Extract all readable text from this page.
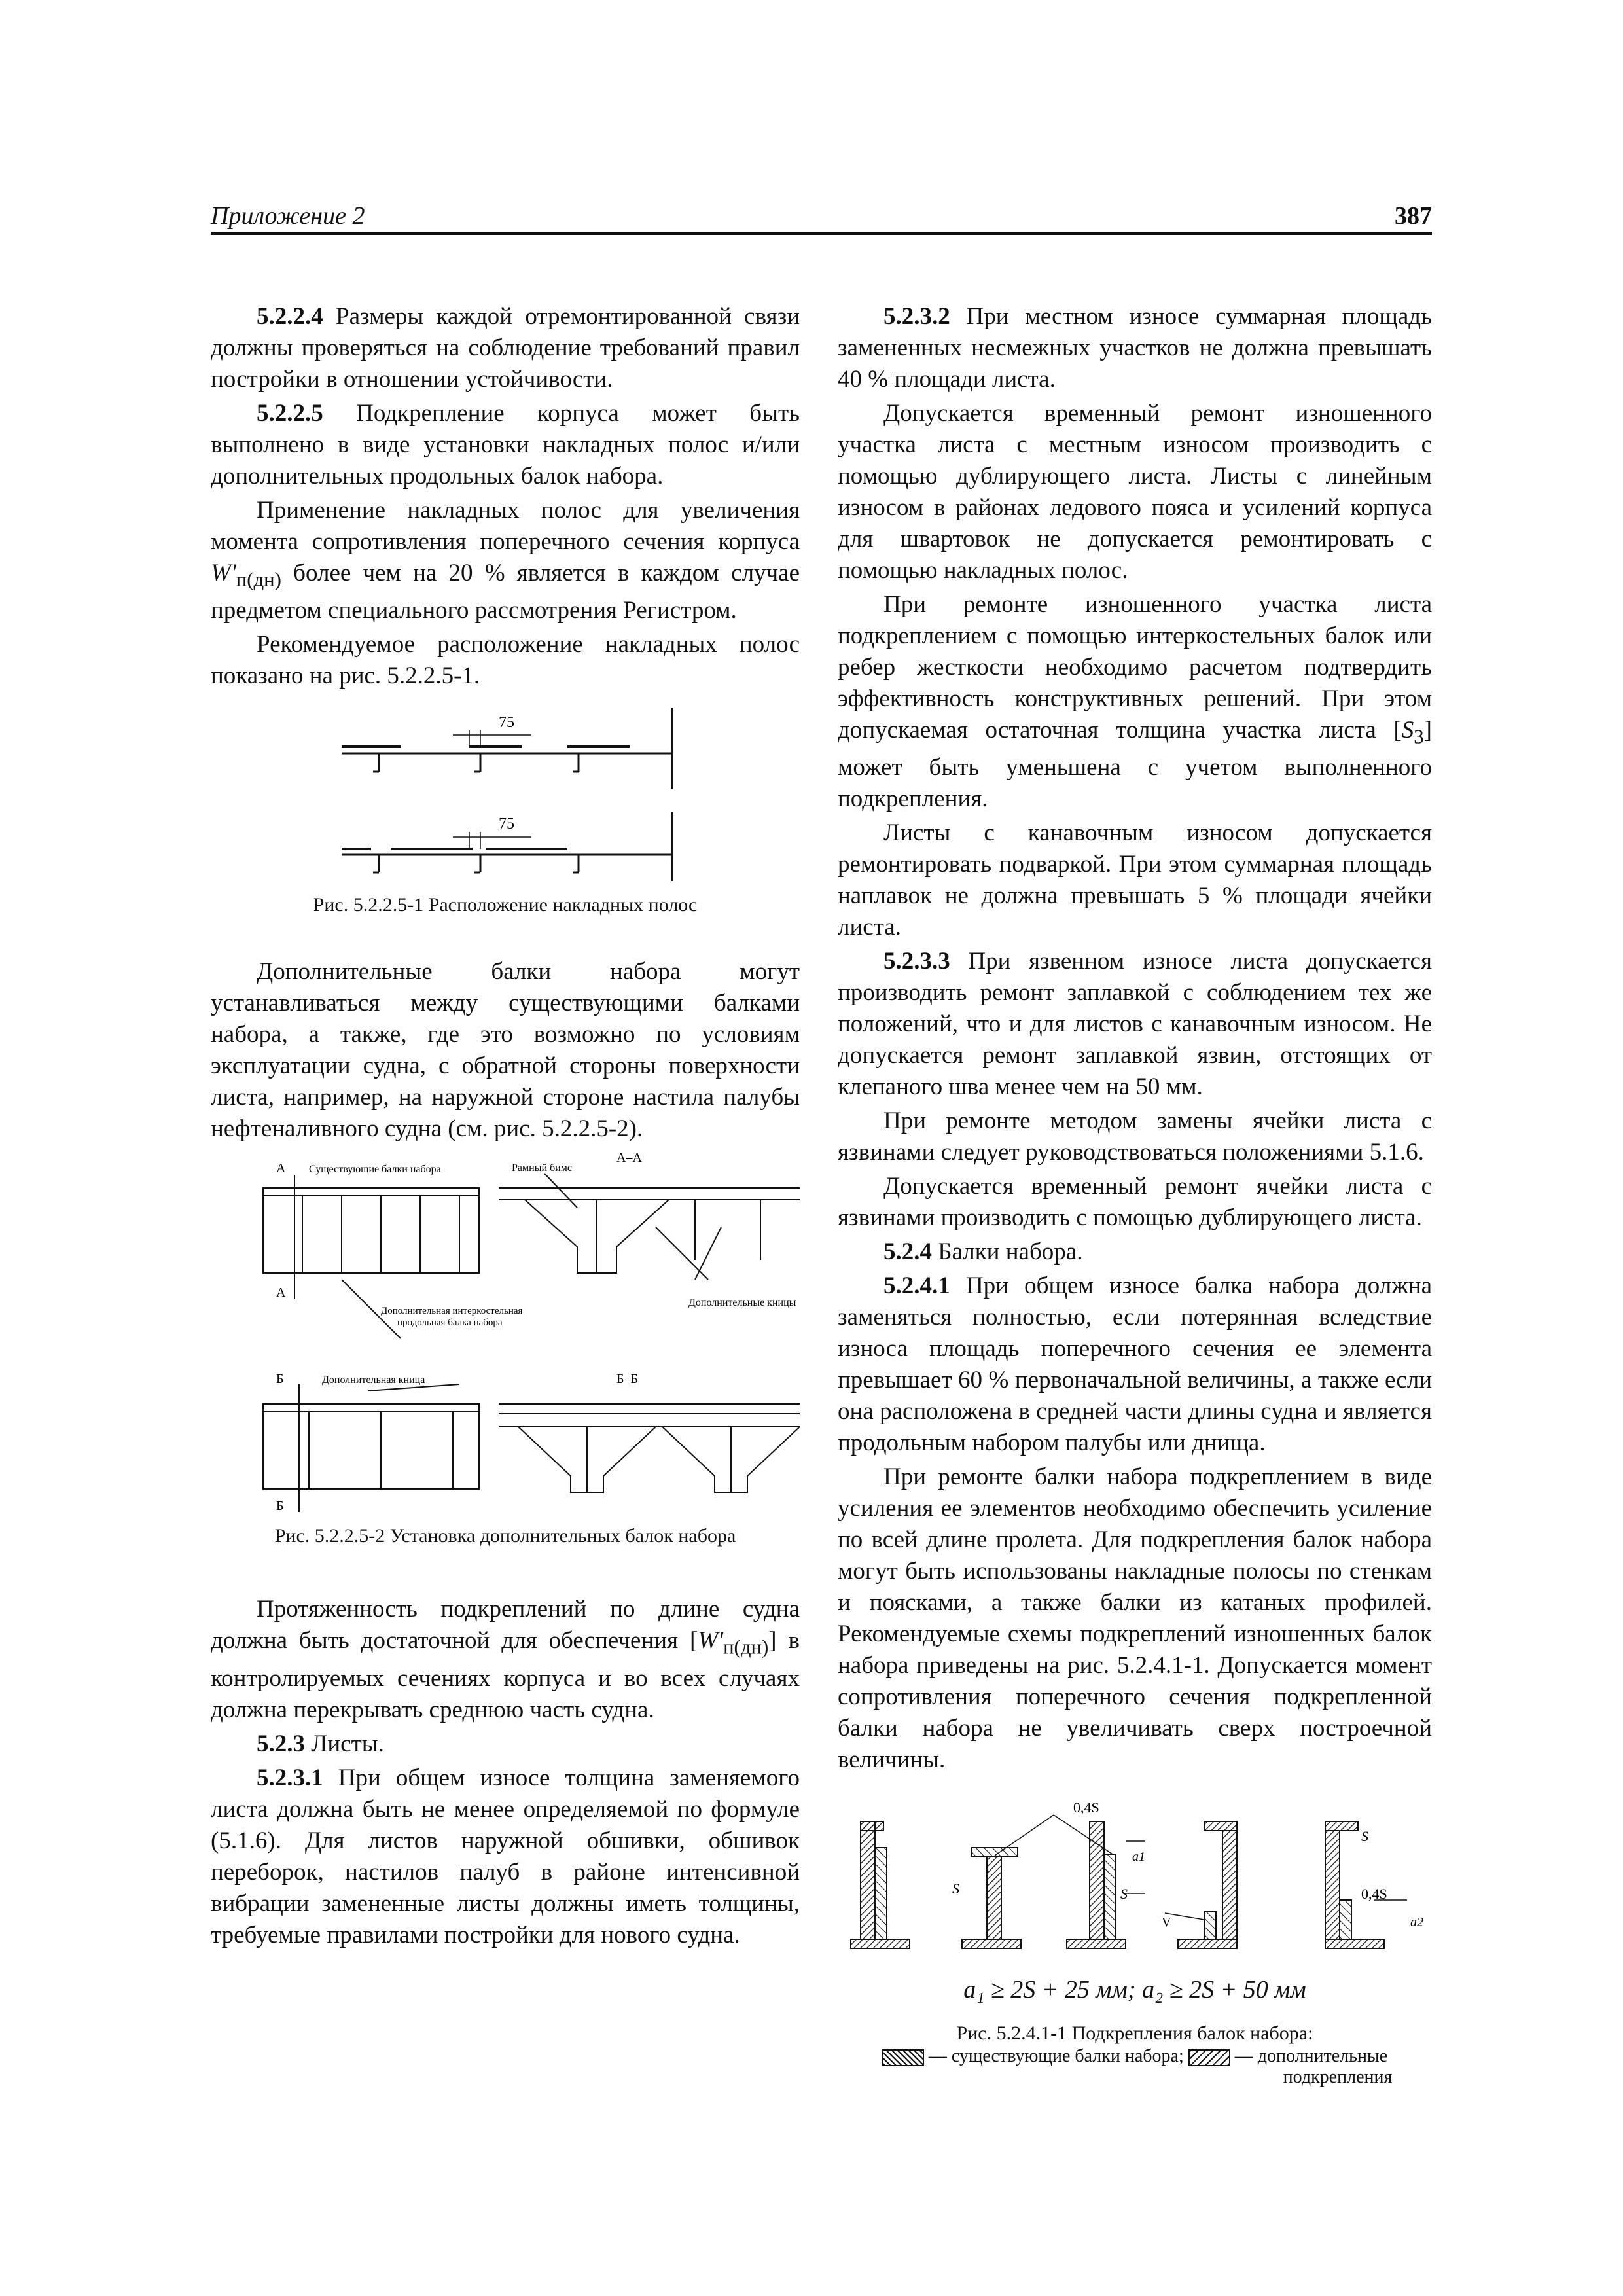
Приложение 2	387

5.2.2.4 Размеры каждой отремонтированной связи должны проверяться на соблюдение требований правил постройки в отношении устойчивости.

5.2.2.5 Подкрепление корпуса может быть выполнено в виде установки накладных полос и/или дополнительных продольных балок набора.

Применение накладных полос для увеличения момента сопротивления поперечного сечения корпуса $W'_{п(дн)}$ более чем на 20 % является в каждом случае предметом специального рассмотрения Регистром.

Рекомендуемое расположение накладных полос показано на рис. 5.2.2.5-1.

75
75

Рис. 5.2.2.5-1 Расположение накладных полос

Дополнительные балки набора могут устанавливаться между существующими балками набора, а также, где это возможно по условиям эксплуатации судна, с обратной стороны поверхности листа, например, на наружной стороне настила палубы нефтеналивного судна (см. рис. 5.2.2.5-2).

А Существующие балки набора	Рамный бимс
А–А
А
Дополнительная интеркостельная
продольная балка набора
Дополнительные кницы
Б	Дополнительная кница	Б–Б
Б

Рис. 5.2.2.5-2 Установка дополнительных балок набора

Протяженность подкреплений по длине судна должна быть достаточной для обеспечения $[W'_{п(дн)}]$ в контролируемых сечениях корпуса и во всех случаях должна перекрывать среднюю часть судна.

5.2.3 Листы.

5.2.3.1 При общем износе толщина заменяемого листа должна быть не менее определяемой по формуле (5.1.6). Для листов наружной обшивки, обшивок переборок, настилов палуб в районе интенсивной вибрации замененные листы должны иметь толщины, требуемые правилами постройки для нового судна.

5.2.3.2 При местном износе суммарная площадь замененных несмежных участков не должна превышать 40 % площади листа.

Допускается временный ремонт изношенного участка листа с местным износом производить с помощью дублирующего листа. Листы с линейным износом в районах ледового пояса и усилений корпуса для швартовок не допускается ремонтировать с помощью накладных полос.

При ремонте изношенного участка листа подкреплением с помощью интеркостельных балок или ребер жесткости необходимо расчетом подтвердить эффективность конструктивных решений. При этом допускаемая остаточная толщина участка листа $[S_3]$ может быть уменьшена с учетом выполненного подкрепления.

Листы с канавочным износом допускается ремонтировать подваркой. При этом суммарная площадь наплавок не должна превышать 5 % площади ячейки листа.

5.2.3.3 При язвенном износе листа допускается производить ремонт заплавкой с соблюдением тех же положений, что и для листов с канавочным износом. Не допускается ремонт заплавкой язвин, отстоящих от клепаного шва менее чем на 50 мм.

При ремонте методом замены ячейки листа с язвинами следует руководствоваться положениями 5.1.6.

Допускается временный ремонт ячейки листа с язвинами производить с помощью дублирующего листа.

5.2.4 Балки набора.

5.2.4.1 При общем износе балка набора должна заменяться полностью, если потерянная вследствие износа площадь поперечного сечения ее элемента превышает 60 % первоначальной величины, а также если она расположена в средней части длины судна и является продольным набором палубы или днища.

При ремонте балки набора подкреплением в виде усиления ее элементов необходимо обеспечить усиление по всей длине пролета. Для подкрепления балок набора могут быть использованы накладные полосы по стенкам и поясками, а также балки из катаных профилей. Рекомендуемые схемы подкреплений изношенных балок набора приведены на рис. 5.2.4.1-1. Допускается момент сопротивления поперечного сечения подкрепленной балки набора не увеличивать сверх построечной величины.

0,4S
0,4S
S	S
S
a1
a2
V

a₁ ≥ 2S + 25 мм; a₂ ≥ 2S + 50 мм

Рис. 5.2.4.1-1 Подкрепления балок набора:

— существующие балки набора;  — дополнительные
подкрепления
